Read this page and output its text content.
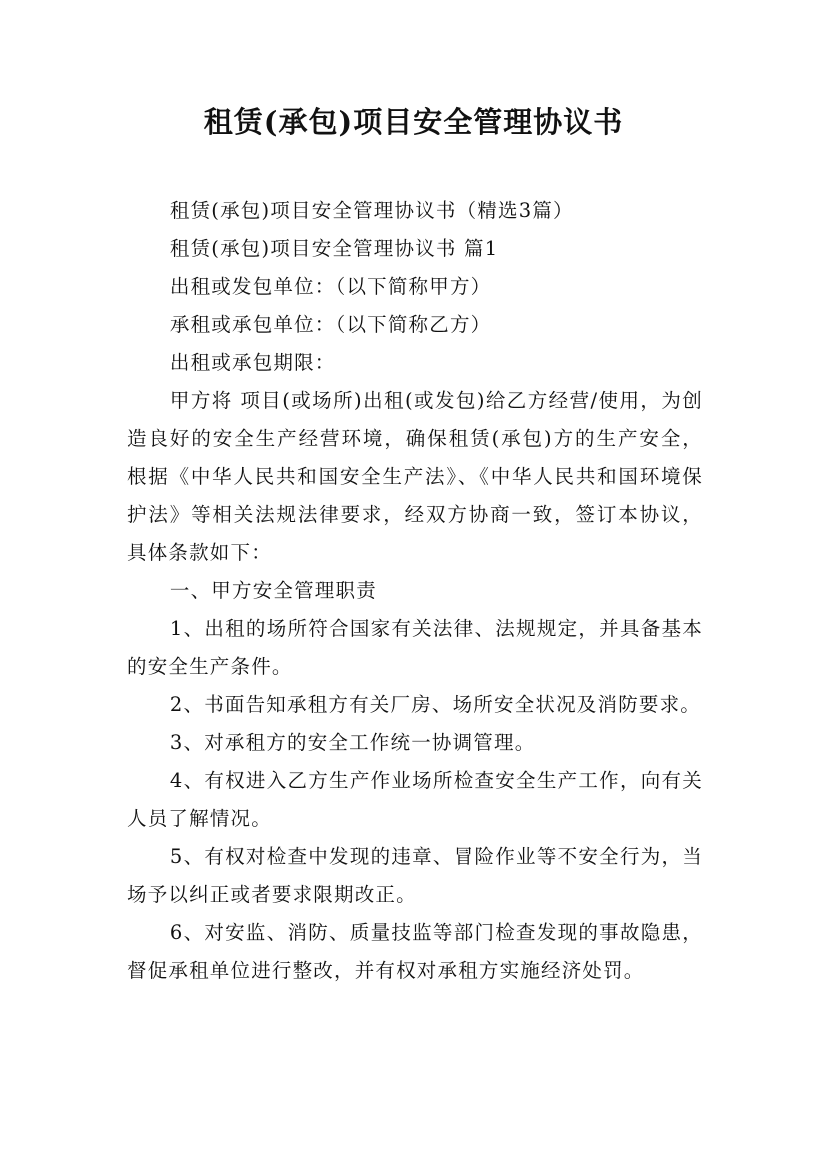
租赁(承包)项目安全管理协议书

租赁(承包)项目安全管理协议书（精选3篇）

租赁(承包)项目安全管理协议书 篇1

出租或发包单位：（以下简称甲方）

承租或承包单位：（以下简称乙方）

出租或承包期限：

甲方将 项目(或场所)出租(或发包)给乙方经营/使用，为创造良好的安全生产经营环境，确保租赁(承包)方的生产安全，根据《中华人民共和国安全生产法》、《中华人民共和国环境保护法》等相关法规法律要求，经双方协商一致，签订本协议，具体条款如下：

一、甲方安全管理职责

1、出租的场所符合国家有关法律、法规规定，并具备基本的安全生产条件。

2、书面告知承租方有关厂房、场所安全状况及消防要求。

3、对承租方的安全工作统一协调管理。

4、有权进入乙方生产作业场所检查安全生产工作，向有关人员了解情况。

5、有权对检查中发现的违章、冒险作业等不安全行为，当场予以纠正或者要求限期改正。

6、对安监、消防、质量技监等部门检查发现的事故隐患，督促承租单位进行整改，并有权对承租方实施经济处罚。
